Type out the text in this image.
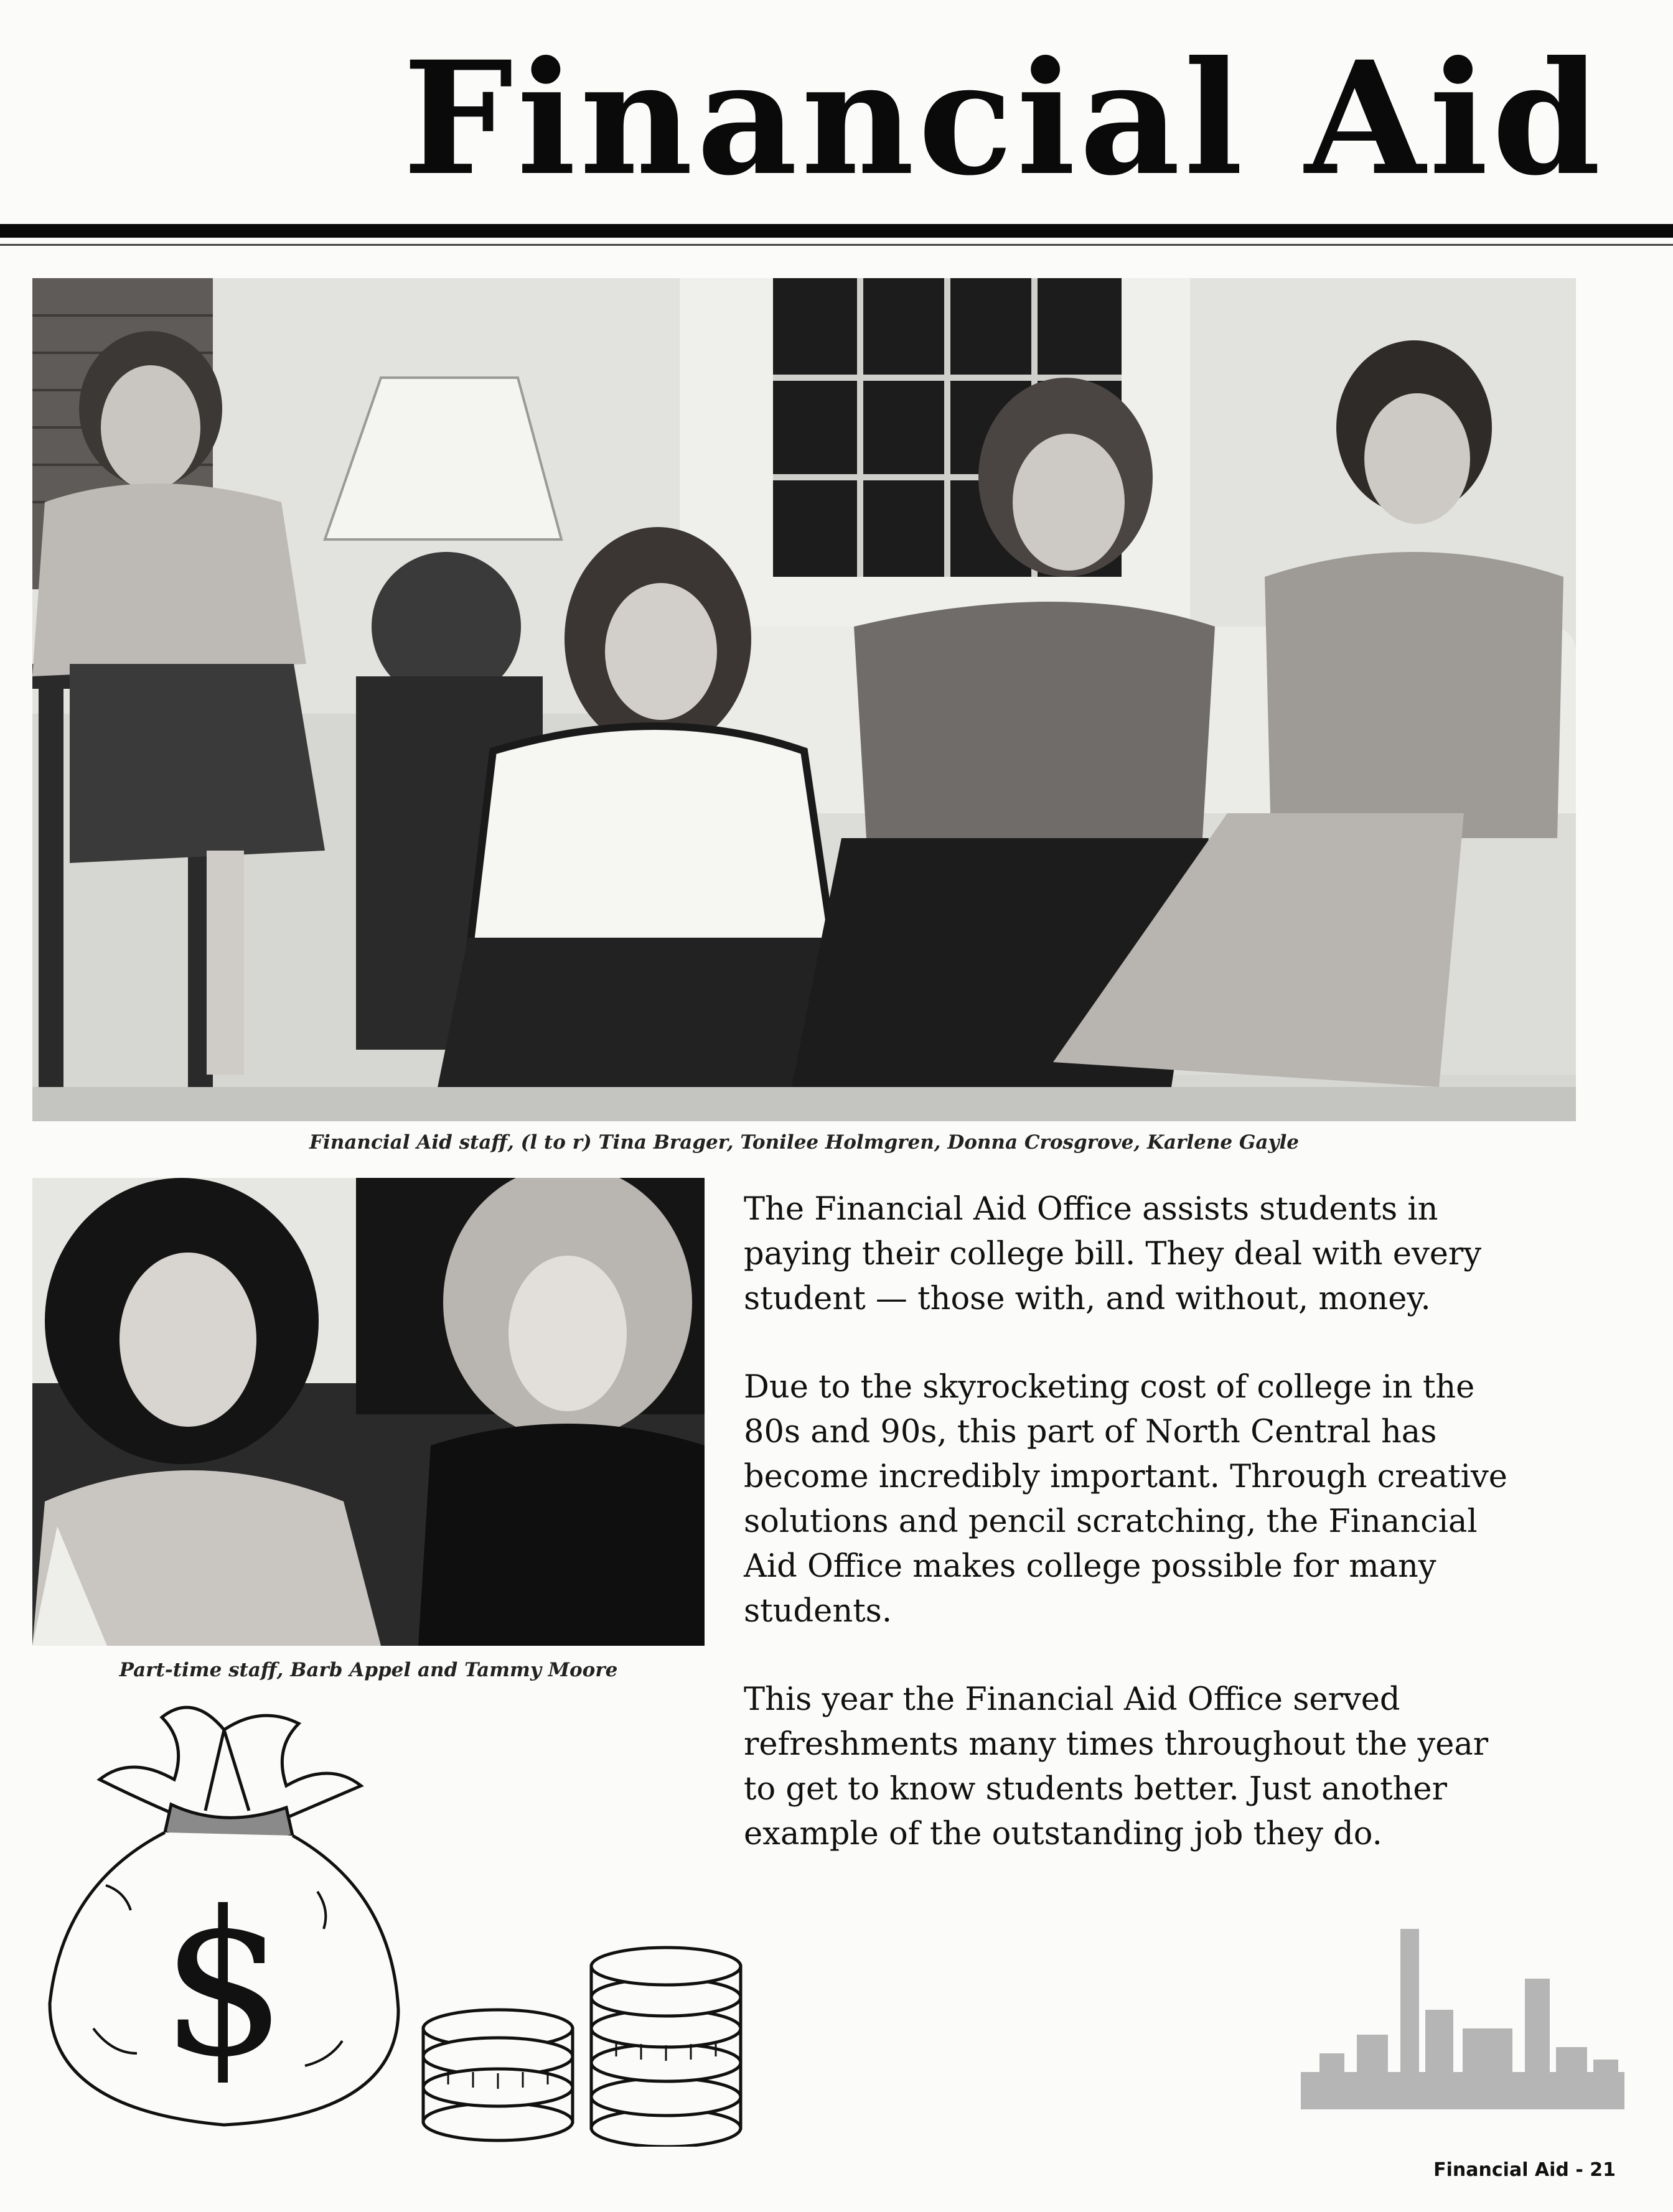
Financial Aid
Financial Aid staff, (l to r) Tina Brager, Tonilee Holmgren, Donna Crosgrove, Karlene Gayle
Part-time staff, Barb Appel and Tammy Moore

The Financial Aid Office assists students in paying their college bill. They deal with every student — those with, and without, money.

Due to the skyrocketing cost of college in the 80s and 90s, this part of North Central has become incredibly important. Through creative solutions and pencil scratching, the Financial Aid Office makes college possible for many students.

This year the Financial Aid Office served refreshments many times throughout the year to get to know students better. Just another example of the outstanding job they do.

$
Financial Aid - 21
